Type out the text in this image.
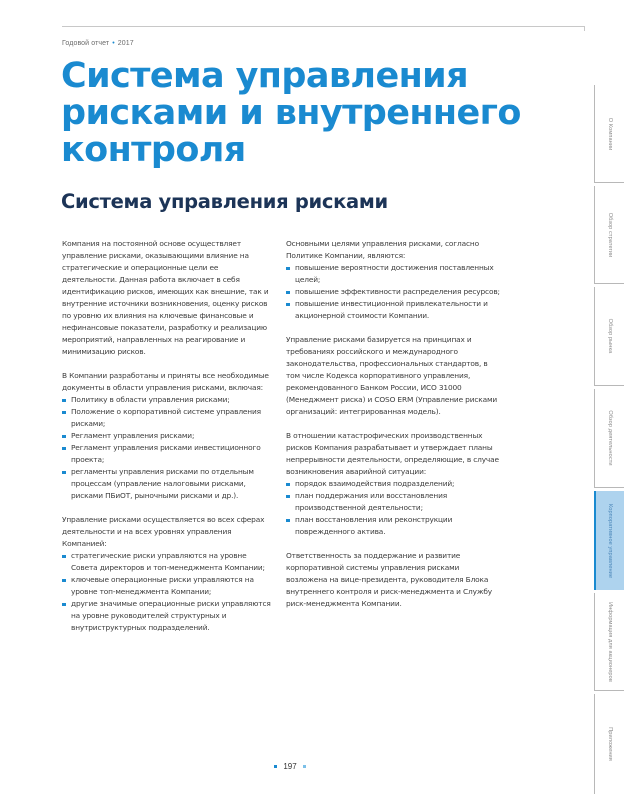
Годовой отчет • 2017
Система управления рисками и внутреннего контроля
Система управления рисками

Компания на постоянной основе осуществляет управление рисками, оказывающими влияние на стратегические и операционные цели ее деятельности. Данная работа включает в себя идентификацию рисков, имеющих как внешние, так и внутренние источники возникновения, оценку рисков по уровню их влияния на ключевые финансовые и нефинансовые показатели, разработку и реализацию мероприятий, направленных на реагирование и минимизацию рисков.

В Компании разработаны и приняты все необходимые документы в области управления рисками, включая:

Политику в области управления рисками;
Положение о корпоративной системе управления рисками;
Регламент управления рисками;
Регламент управления рисками инвестиционного проекта;
регламенты управления рисками по отдельным процессам (управление налоговыми рисками, рисками ПБиОТ, рыночными рисками и др.).

Управление рисками осуществляется во всех сферах деятельности и на всех уровнях управления Компанией:

стратегические риски управляются на уровне Совета директоров и топ-менеджмента Компании;
ключевые операционные риски управляются на уровне топ-менеджмента Компании;
другие значимые операционные риски управляются на уровне руководителей структурных и внутриструктурных подразделений.

Основными целями управления рисками, согласно Политике Компании, являются:

повышение вероятности достижения поставленных целей;
повышение эффективности распределения ресурсов;
повышение инвестиционной привлекательности и акционерной стоимости Компании.

Управление рисками базируется на принципах и требованиях российского и международного законодательства, профессиональных стандартов, в том числе Кодекса корпоративного управления, рекомендованного Банком России, ИСО 31000 (Менеджмент риска) и COSO ERM (Управление рисками организаций: интегрированная модель).

В отношении катастрофических производственных рисков Компания разрабатывает и утверждает планы непрерывности деятельности, определяющие, в случае возникновения аварийной ситуации:

порядок взаимодействия подразделений;
план поддержания или восстановления производственной деятельности;
план восстановления или реконструкции поврежденного актива.

Ответственность за поддержание и развитие корпоративной системы управления рисками возложена на вице-президента, руководителя Блока внутреннего контроля и риск-менеджмента и Службу риск-менеджмента Компании.

197
О Компании
Обзор стратегии
Обзор рынка
Обзор деятельности
Корпоративное управление
Информация для акционеров
Приложения
